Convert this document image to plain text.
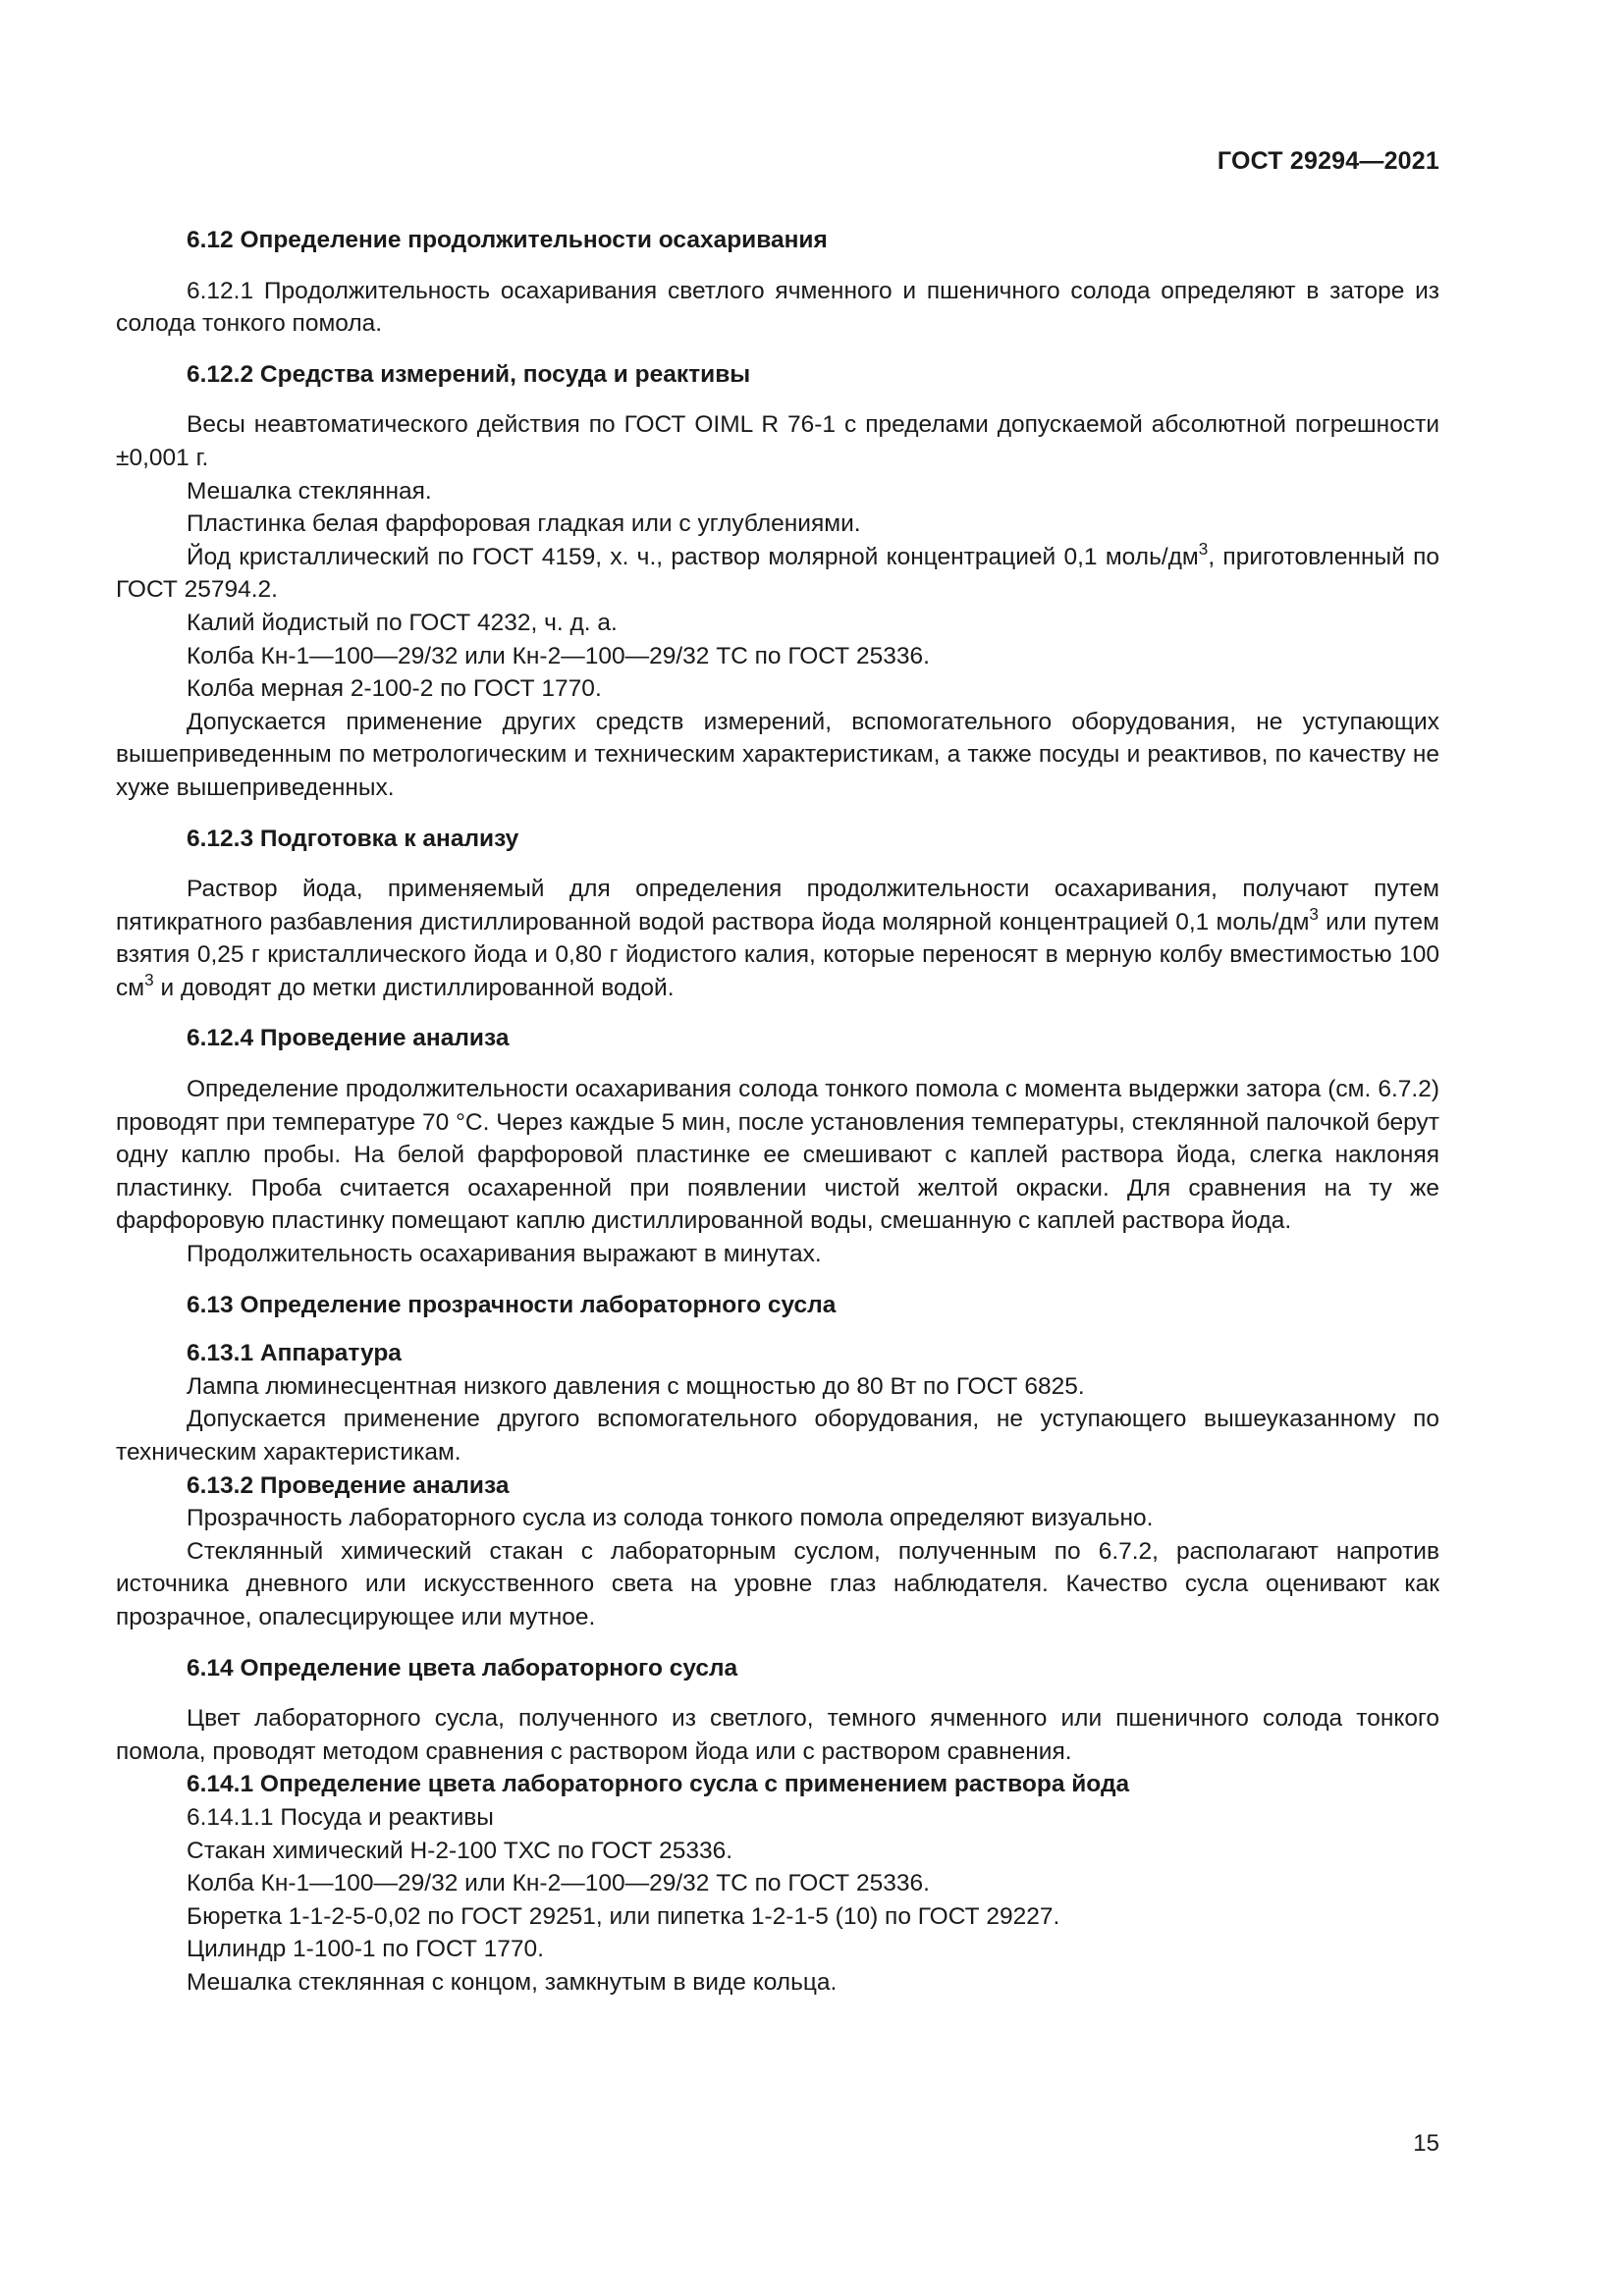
ГОСТ 29294—2021

6.12 Определение продолжительности осахаривания

6.12.1 Продолжительность осахаривания светлого ячменного и пшеничного солода определяют в заторе из солода тонкого помола.

6.12.2 Средства измерений, посуда и реактивы

Весы неавтоматического действия по ГОСТ OIML R 76-1 с пределами допускаемой абсолютной погрешности ±0,001 г.

Мешалка стеклянная.

Пластинка белая фарфоровая гладкая или с углублениями.

Йод кристаллический по ГОСТ 4159, х. ч., раствор молярной концентрацией 0,1 моль/$дм^3$, приготовленный по ГОСТ 25794.2.

Калий йодистый по ГОСТ 4232, ч. д. а.

Колба Кн-1—100—29/32 или Кн-2—100—29/32 ТС по ГОСТ 25336.

Колба мерная 2-100-2 по ГОСТ 1770.

Допускается применение других средств измерений, вспомогательного оборудования, не уступающих вышеприведенным по метрологическим и техническим характеристикам, а также посуды и реактивов, по качеству не хуже вышеприведенных.

6.12.3 Подготовка к анализу

Раствор йода, применяемый для определения продолжительности осахаривания, получают путем пятикратного разбавления дистиллированной водой раствора йода молярной концентрацией 0,1 моль/$дм^3$ или путем взятия 0,25 г кристаллического йода и 0,80 г йодистого калия, которые переносят в мерную колбу вместимостью 100 $см^3$ и доводят до метки дистиллированной водой.

6.12.4 Проведение анализа

Определение продолжительности осахаривания солода тонкого помола с момента выдержки затора (см. 6.7.2) проводят при температуре 70 °С. Через каждые 5 мин, после установления температуры, стеклянной палочкой берут одну каплю пробы. На белой фарфоровой пластинке ее смешивают с каплей раствора йода, слегка наклоняя пластинку. Проба считается осахаренной при появлении чистой желтой окраски. Для сравнения на ту же фарфоровую пластинку помещают каплю дистиллированной воды, смешанную с каплей раствора йода.

Продолжительность осахаривания выражают в минутах.

6.13 Определение прозрачности лабораторного сусла

6.13.1 Аппаратура

Лампа люминесцентная низкого давления с мощностью до 80 Вт по ГОСТ 6825.

Допускается применение другого вспомогательного оборудования, не уступающего вышеуказанному по техническим характеристикам.

6.13.2 Проведение анализа

Прозрачность лабораторного сусла из солода тонкого помола определяют визуально.

Стеклянный химический стакан с лабораторным суслом, полученным по 6.7.2, располагают напротив источника дневного или искусственного света на уровне глаз наблюдателя. Качество сусла оценивают как прозрачное, опалесцирующее или мутное.

6.14 Определение цвета лабораторного сусла

Цвет лабораторного сусла, полученного из светлого, темного ячменного или пшеничного солода тонкого помола, проводят методом сравнения с раствором йода или с раствором сравнения.

6.14.1 Определение цвета лабораторного сусла с применением раствора йода

6.14.1.1 Посуда и реактивы

Стакан химический Н-2-100 ТХС по ГОСТ 25336.

Колба Кн-1—100—29/32 или Кн-2—100—29/32 ТС по ГОСТ 25336.

Бюретка 1-1-2-5-0,02 по ГОСТ 29251, или пипетка 1-2-1-5 (10) по ГОСТ 29227.

Цилиндр 1-100-1 по ГОСТ 1770.

Мешалка стеклянная с концом, замкнутым в виде кольца.

15
